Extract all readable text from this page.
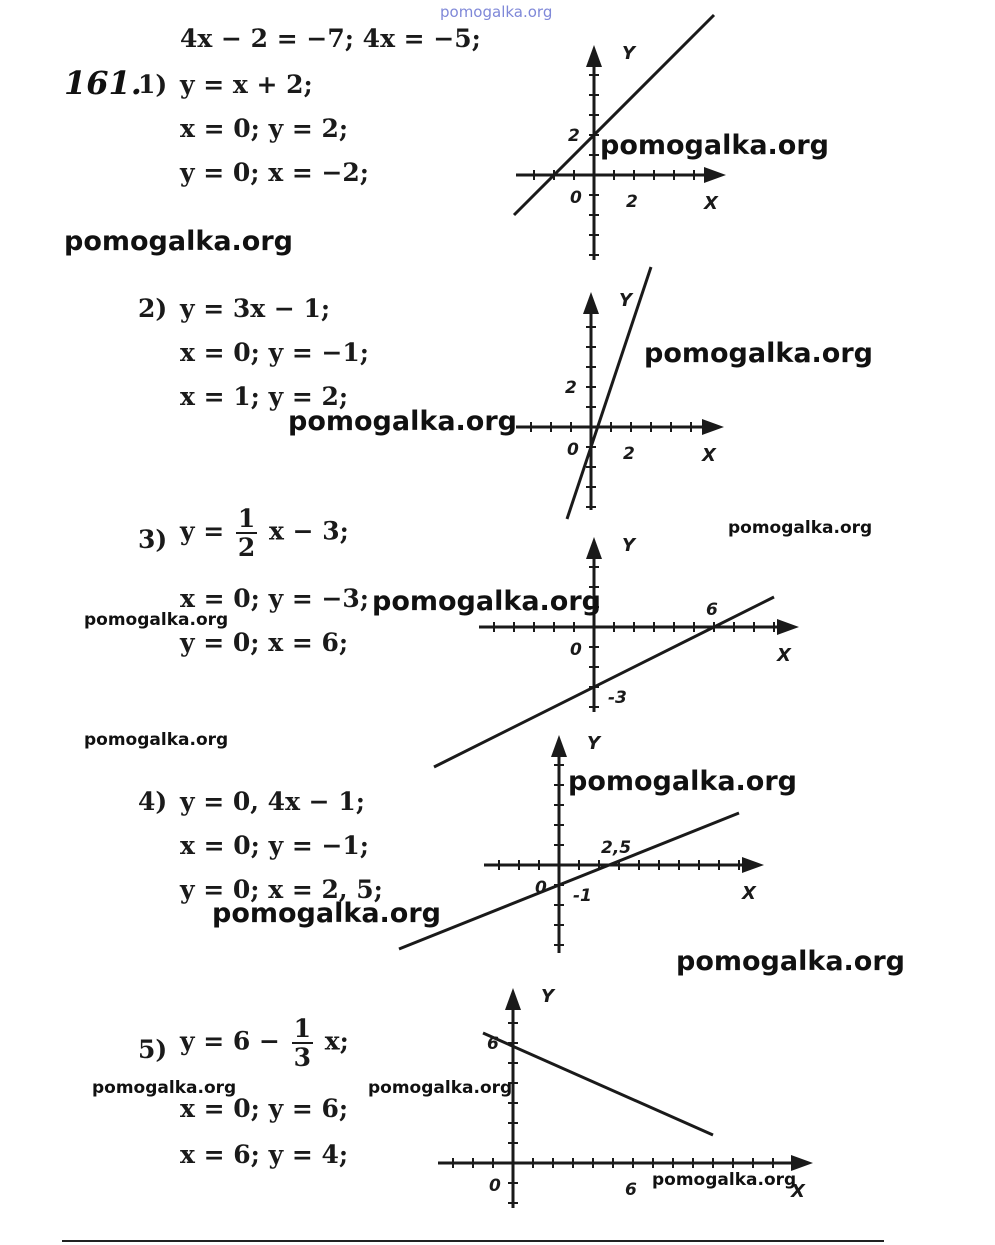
pomogalka.org
4x − 2 = −7; 4x = −5;
161.
1) y = x + 2;
x = 0; y = 2;
y = 0; x = −2;
Y
X
0	2
2
2) y = 3x − 1;
x = 0; y = −1;
x = 1; y = 2;
Y
X
0	2
2
3) $y = \frac{1}{2}$ x − 3;
x = 0; y = −3;
y = 0; x = 6;
Y
X
0
6
-3
4) y = 0, 4x − 1;
x = 0; y = −1;
y = 0; x = 2, 5;
Y
X
0
2,5
-1
5) $y = 6 - \frac{1}{3} x$;
x = 0; y = 6;
x = 6; y = 4;
Y
X
0	6
6
pomogalka.org
pomogalka.org
pomogalka.org
pomogalka.org
pomogalka.org
pomogalka.org
pomogalka.org
pomogalka.org
pomogalka.org
pomogalka.org
pomogalka.org
pomogalka.org	pomogalka.org
pomogalka.org
